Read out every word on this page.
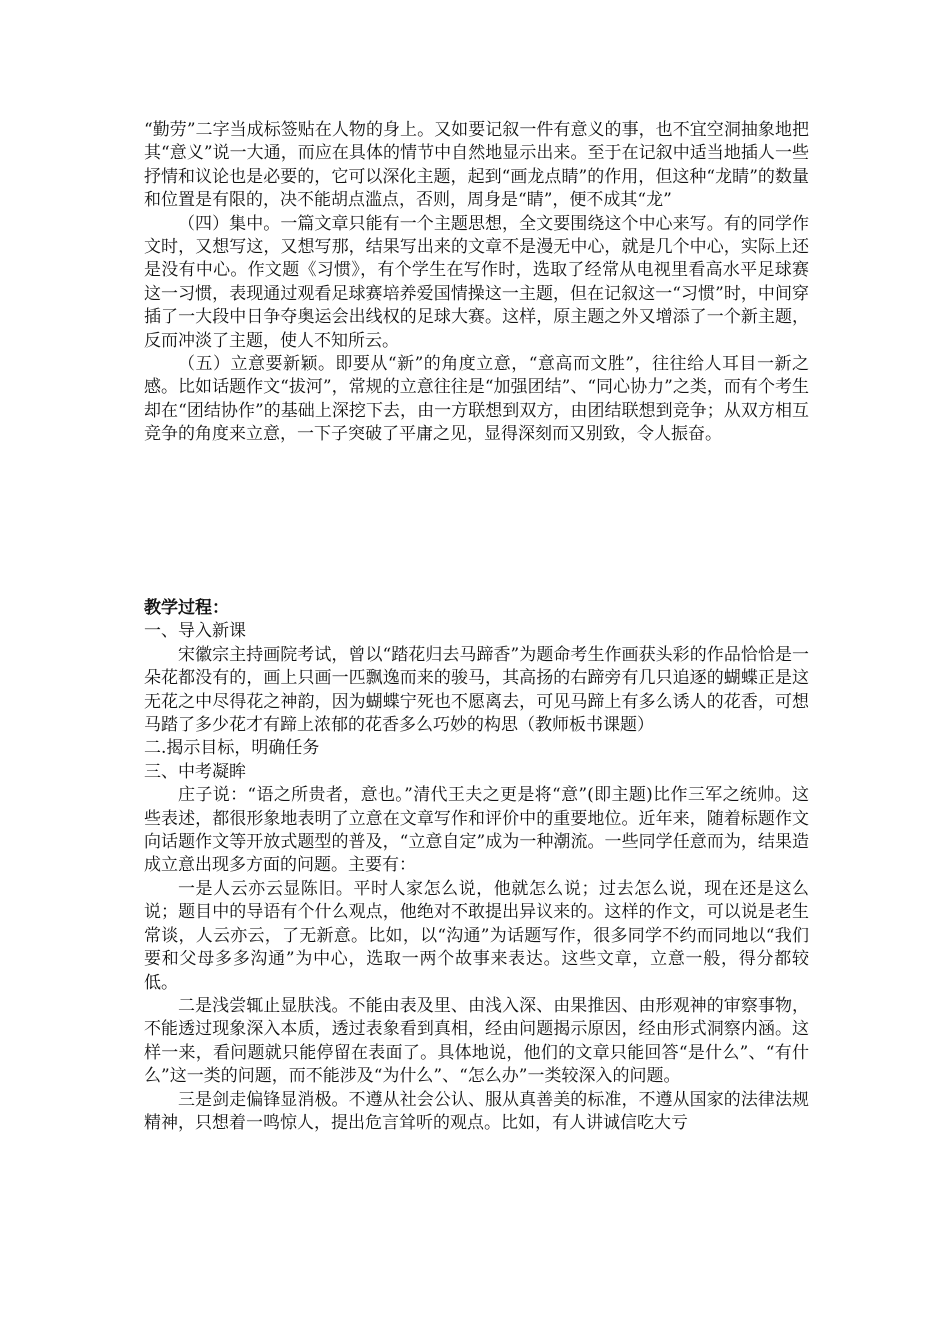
“勤劳”二字当成标签贴在人物的身上。又如要记叙一件有意义的事，也不宜空洞抽象地把其“意义”说一大通，而应在具体的情节中自然地显示出来。至于在记叙中适当地插人一些抒情和议论也是必要的，它可以深化主题，起到“画龙点睛”的作用，但这种“龙睛”的数量和位置是有限的，决不能胡点滥点，否则，周身是“睛”，便不成其“龙”

（四）集中。一篇文章只能有一个主题思想，全文要围绕这个中心来写。有的同学作文时，又想写这，又想写那，结果写出来的文章不是漫无中心，就是几个中心，实际上还是没有中心。作文题《习惯》，有个学生在写作时，选取了经常从电视里看高水平足球赛这一习惯，表现通过观看足球赛培养爱国情操这一主题，但在记叙这一“习惯”时，中间穿插了一大段中日争夺奥运会出线权的足球大赛。这样，原主题之外又增添了一个新主题，反而冲淡了主题，使人不知所云。

（五）立意要新颖。即要从“新”的角度立意，“意高而文胜”，往往给人耳目一新之感。比如话题作文“拔河”，常规的立意往往是“加强团结”、“同心协力”之类，而有个考生却在“团结协作”的基础上深挖下去，由一方联想到双方，由团结联想到竞争；从双方相互竞争的角度来立意，一下子突破了平庸之见，显得深刻而又别致，令人振奋。

教学过程：

一、导入新课

宋徽宗主持画院考试，曾以“踏花归去马蹄香”为题命考生作画获头彩的作品恰恰是一朵花都没有的，画上只画一匹飘逸而来的骏马，其高扬的右蹄旁有几只追逐的蝴蝶正是这无花之中尽得花之神韵，因为蝴蝶宁死也不愿离去，可见马蹄上有多么诱人的花香，可想马踏了多少花才有蹄上浓郁的花香多么巧妙的构思（教师板书课题）

二.揭示目标，明确任务

三、中考凝眸

庄子说：“语之所贵者，意也。”清代王夫之更是将“意”(即主题)比作三军之统帅。这些表述，都很形象地表明了立意在文章写作和评价中的重要地位。近年来，随着标题作文向话题作文等开放式题型的普及，“立意自定”成为一种潮流。一些同学任意而为，结果造成立意出现多方面的问题。主要有：

一是人云亦云显陈旧。平时人家怎么说，他就怎么说；过去怎么说，现在还是这么说；题目中的导语有个什么观点，他绝对不敢提出异议来的。这样的作文，可以说是老生常谈，人云亦云，了无新意。比如，以“沟通”为话题写作，很多同学不约而同地以“我们要和父母多多沟通”为中心，选取一两个故事来表达。这些文章，立意一般，得分都较低。

二是浅尝辄止显肤浅。不能由表及里、由浅入深、由果推因、由形观神的审察事物，不能透过现象深入本质，透过表象看到真相，经由问题揭示原因，经由形式洞察内涵。这样一来，看问题就只能停留在表面了。具体地说，他们的文章只能回答“是什么”、“有什么”这一类的问题，而不能涉及“为什么”、“怎么办”一类较深入的问题。

三是剑走偏锋显消极。不遵从社会公认、服从真善美的标准，不遵从国家的法律法规精神，只想着一鸣惊人，提出危言耸听的观点。比如，有人讲诚信吃大亏
